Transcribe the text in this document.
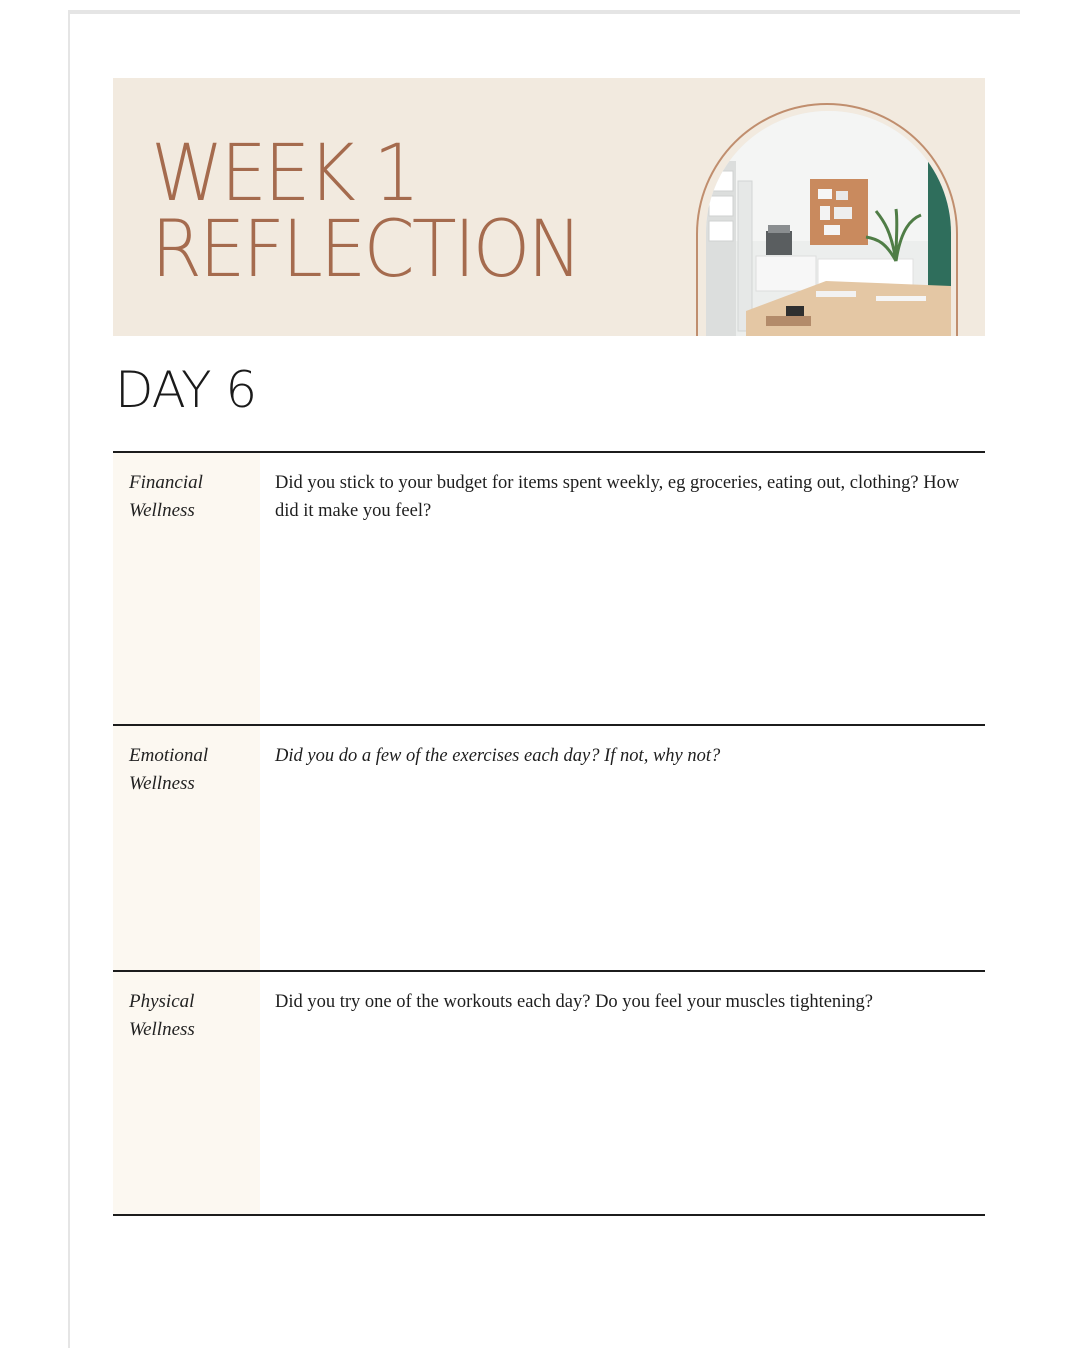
WEEK 1
REFLECTION
DAY 6
Financial
Wellness
Did you stick to your budget for items spent weekly, eg groceries, eating out, clothing? How did it make you feel?
Emotional
Wellness
Did you do a few of the exercises each day? If not, why not?
Physical
Wellness
Did you try one of the workouts each day? Do you feel your muscles tightening?
